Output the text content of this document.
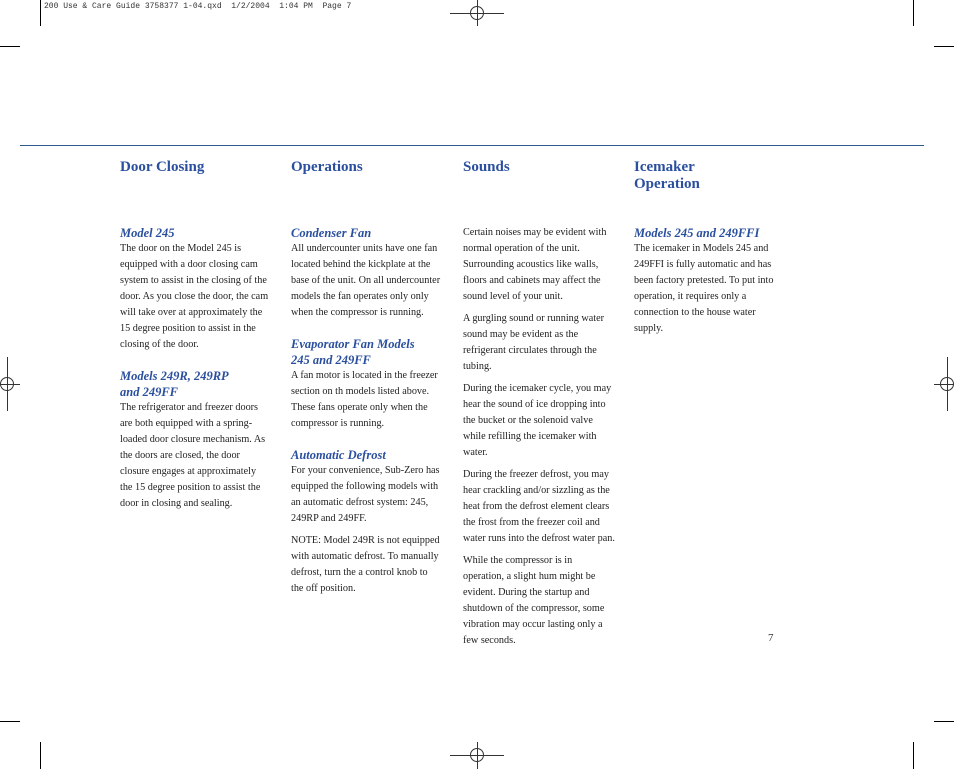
200 Use & Care Guide 3758377 1-04.qxd  1/2/2004  1:04 PM  Page 7
Door Closing
Model 245

The door on the Model 245 is equipped with a door closing cam system to assist in the closing of the door. As you close the door, the cam will take over at approximately the 15 degree position to assist in the closing of the door.

Models 249R, 249RP and 249FF

The refrigerator and freezer doors are both equipped with a spring-loaded door closure mechanism. As the doors are closed, the door closure engages at approximately the 15 degree position to assist the door in closing and sealing.

Operations
Condenser Fan

All undercounter units have one fan located behind the kickplate at the base of the unit. On all undercounter models the fan operates only only when the compressor is running.

Evaporator Fan Models 245 and 249FF

A fan motor is located in the freezer section on th models listed above. These fans operate only when the compressor is running.

Automatic Defrost

For your convenience, Sub-Zero has equipped the following models with an automatic defrost system: 245, 249RP and 249FF.

NOTE: Model 249R is not equipped with automatic defrost. To manually defrost, turn the a control knob to the off position.

Sounds

Certain noises may be evident with normal operation of the unit. Surrounding acoustics like walls, floors and cabinets may affect the sound level of your unit.

A gurgling sound or running water sound may be evident as the refrigerant circulates through the tubing.

During the icemaker cycle, you may hear the sound of ice dropping into the bucket or the solenoid valve while refilling the icemaker with water.

During the freezer defrost, you may hear crackling and/or sizzling as the heat from the defrost element clears the frost from the freezer coil and water runs into the defrost water pan.

While the compressor is in operation, a slight hum might be evident. During the startup and shutdown of the compressor, some vibration may occur lasting only a few seconds.

Icemaker Operation
Models 245 and 249FFI

The icemaker in Models 245 and 249FFI is fully automatic and has been factory pretested. To put into operation, it requires only a connection to the house water supply.

7
